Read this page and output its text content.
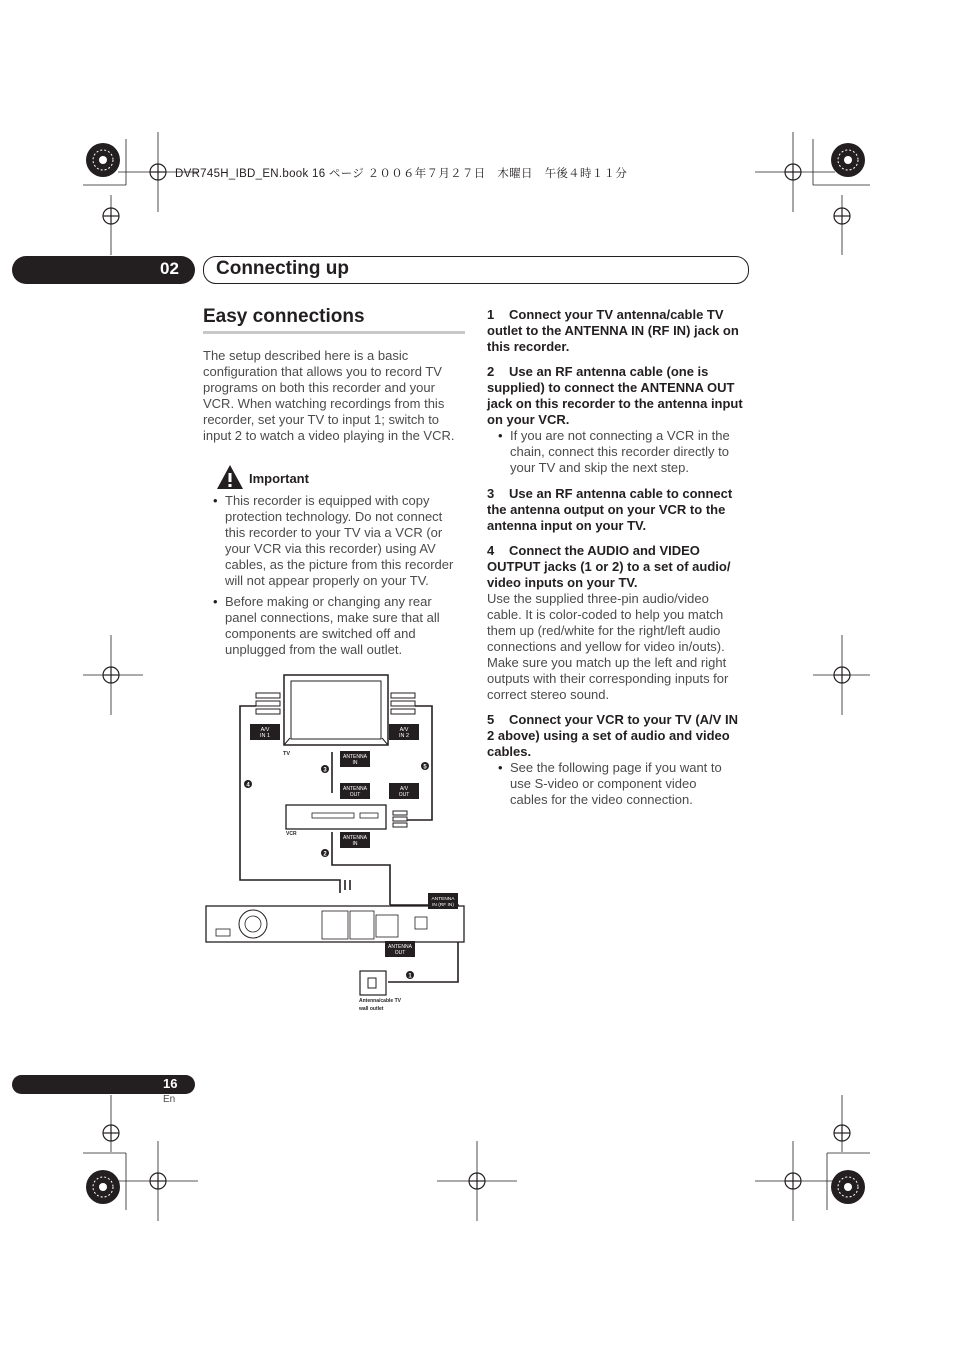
DVR745H_IBD_EN.book 16 ページ ２００６年７月２７日　木曜日　午後４時１１分
02 Connecting up
Easy connections
The setup described here is a basic configuration that allows you to record TV programs on both this recorder and your VCR. When watching recordings from this recorder, set your TV to input 1; switch to input 2 to watch a video playing in the VCR.
Important
• This recorder is equipped with copy protection technology. Do not connect this recorder to your TV via a VCR (or your VCR via this recorder) using AV cables, as the picture from this recorder will not appear properly on your TV.
• Before making or changing any rear panel connections, make sure that all components are switched off and unplugged from the wall outlet.
A/V
IN 1
A/V
IN 2
TV	ANTENNA
IN
ANTENNA
OUT
A/V
OUT
VCR
ANTENNA
IN
ANTENNA
IN (RF IN)
ANTENNA
OUT
Antenna/cable TV
wall outlet
1
2
3
4
5
1 Connect your TV antenna/cable TV outlet to the ANTENNA IN (RF IN) jack on this recorder.
2 Use an RF antenna cable (one is supplied) to connect the ANTENNA OUT jack on this recorder to the antenna input on your VCR.
• If you are not connecting a VCR in the chain, connect this recorder directly to your TV and skip the next step.
3 Use an RF antenna cable to connect the antenna output on your VCR to the antenna input on your TV.
4 Connect the AUDIO and VIDEO OUTPUT jacks (1 or 2) to a set of audio/ video inputs on your TV.
Use the supplied three-pin audio/video cable. It is color-coded to help you match them up (red/white for the right/left audio connections and yellow for video in/outs). Make sure you match up the left and right outputs with their corresponding inputs for correct stereo sound.
5 Connect your VCR to your TV (A/V IN 2 above) using a set of audio and video cables.
• See the following page if you want to use S-video or component video cables for the video connection.
16
En
